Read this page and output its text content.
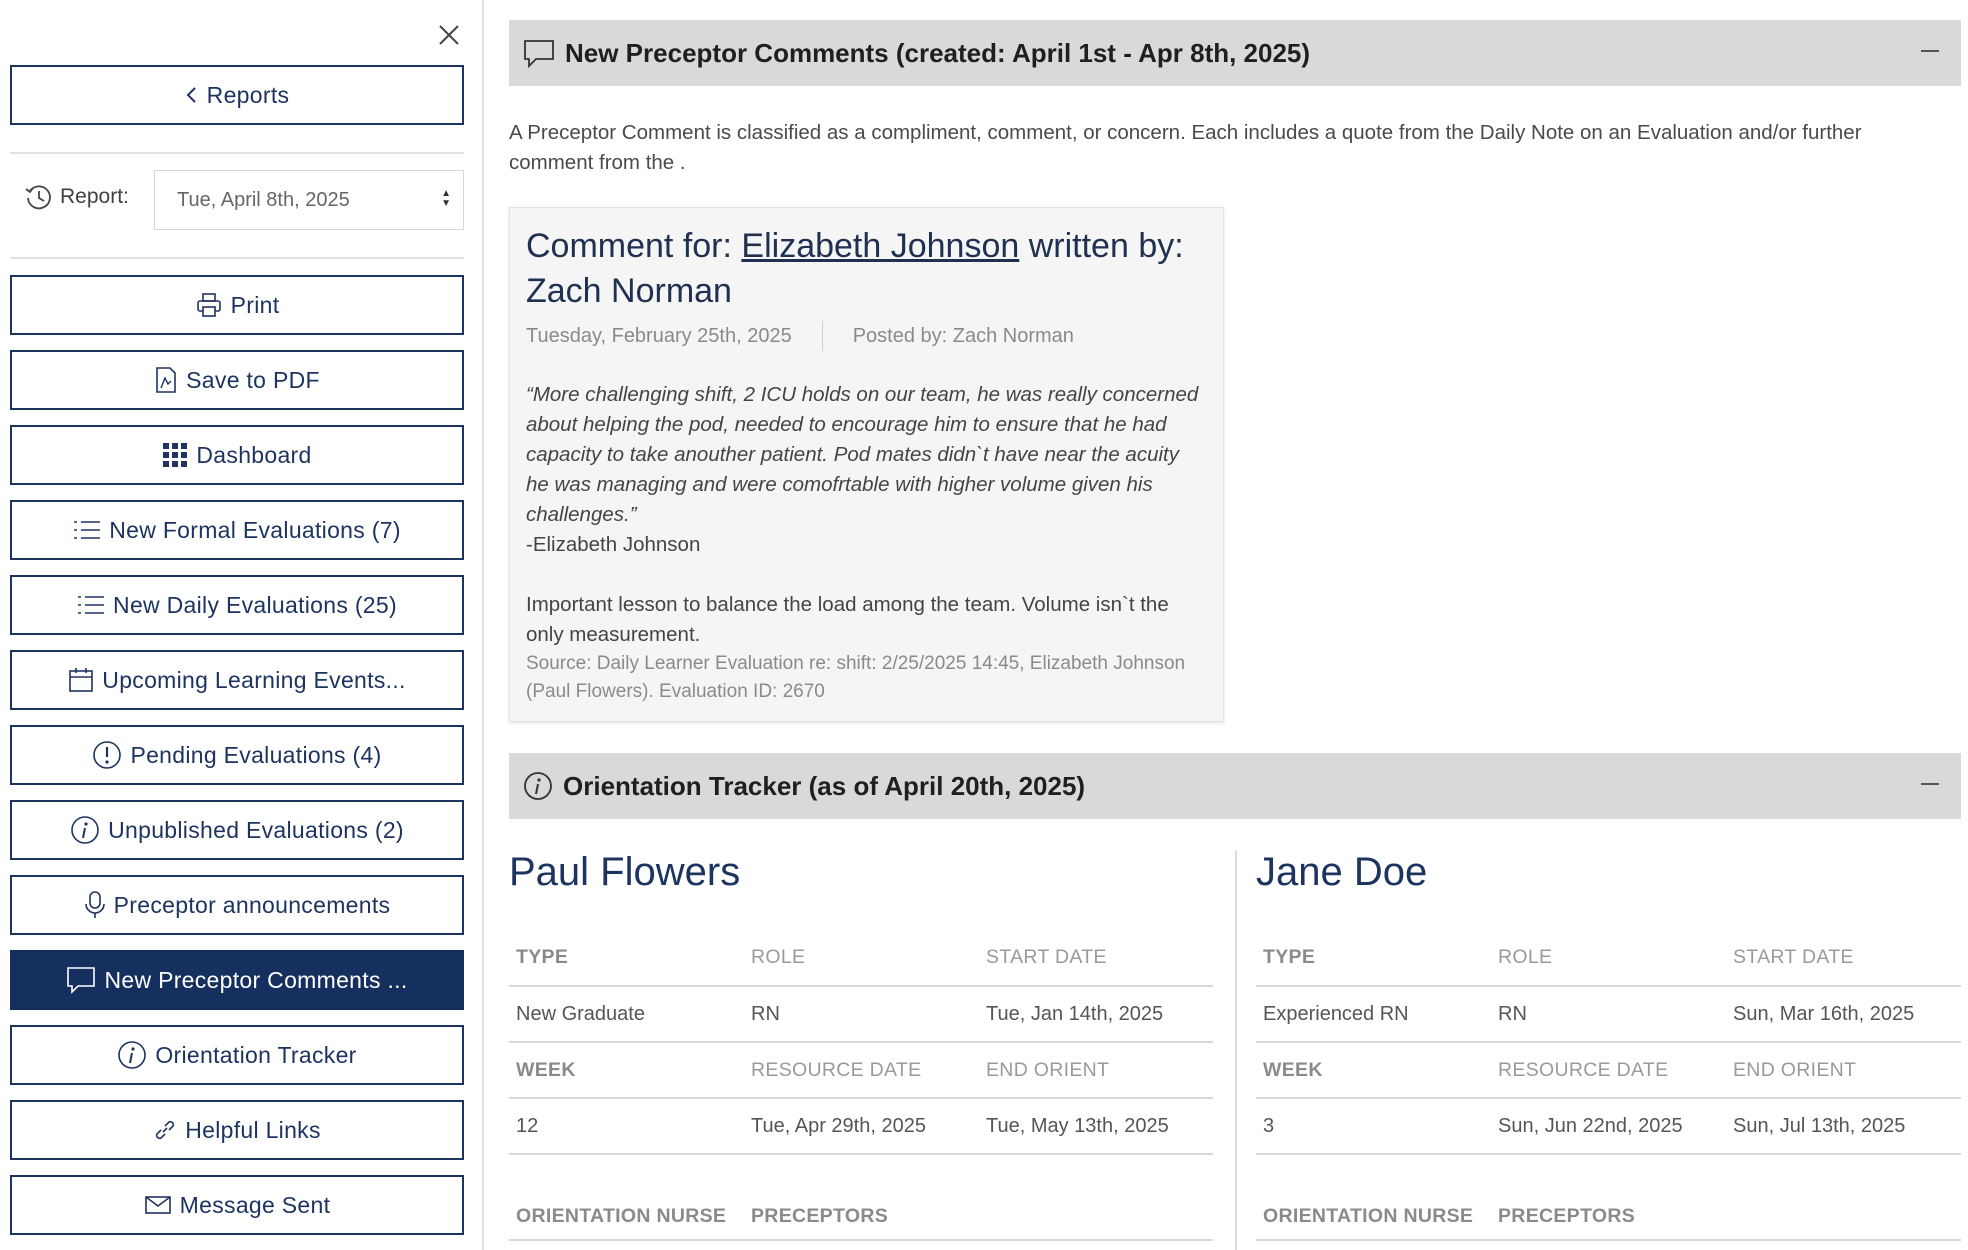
Reports
Report: Tue, April 8th, 2025	▲
▼
Print
Save to PDF
Dashboard
New Formal Evaluations (7)
New Daily Evaluations (25)
Upcoming Learning Events...
Pending Evaluations (4)
Unpublished Evaluations (2)
Preceptor announcements
New Preceptor Comments ...
Orientation Tracker
Helpful Links
Message Sent
New Preceptor Comments (created: April 1st - Apr 8th, 2025)
A Preceptor Comment is classified as a compliment, comment, or concern. Each includes a quote from the Daily Note on an Evaluation and/or further comment from the .
Comment for: Elizabeth Johnson written by: Zach Norman
Tuesday, February 25th, 2025	Posted by: Zach Norman
“More challenging shift, 2 ICU holds on our team, he was really concerned about helping the pod, needed to encourage him to ensure that he had capacity to take anouther patient. Pod mates didn`t have near the acuity he was managing and were comofrtable with higher volume given his challenges.”
-Elizabeth Johnson
Important lesson to balance the load among the team. Volume isn`t the only measurement.
Source: Daily Learner Evaluation re: shift: 2/25/2025 14:45, Elizabeth Johnson (Paul Flowers). Evaluation ID: 2670
Orientation Tracker (as of April 20th, 2025)
Paul Flowers	Jane Doe
TYPE	ROLE	START DATE
New Graduate	RN	Tue, Jan 14th, 2025
WEEK	RESOURCE DATE	END ORIENT
12	Tue, Apr 29th, 2025	Tue, May 13th, 2025
ORIENTATION NURSE	PRECEPTORS	
TYPE	ROLE	START DATE
Experienced RN	RN	Sun, Mar 16th, 2025
WEEK	RESOURCE DATE	END ORIENT
3	Sun, Jun 22nd, 2025	Sun, Jul 13th, 2025
ORIENTATION NURSE	PRECEPTORS	
